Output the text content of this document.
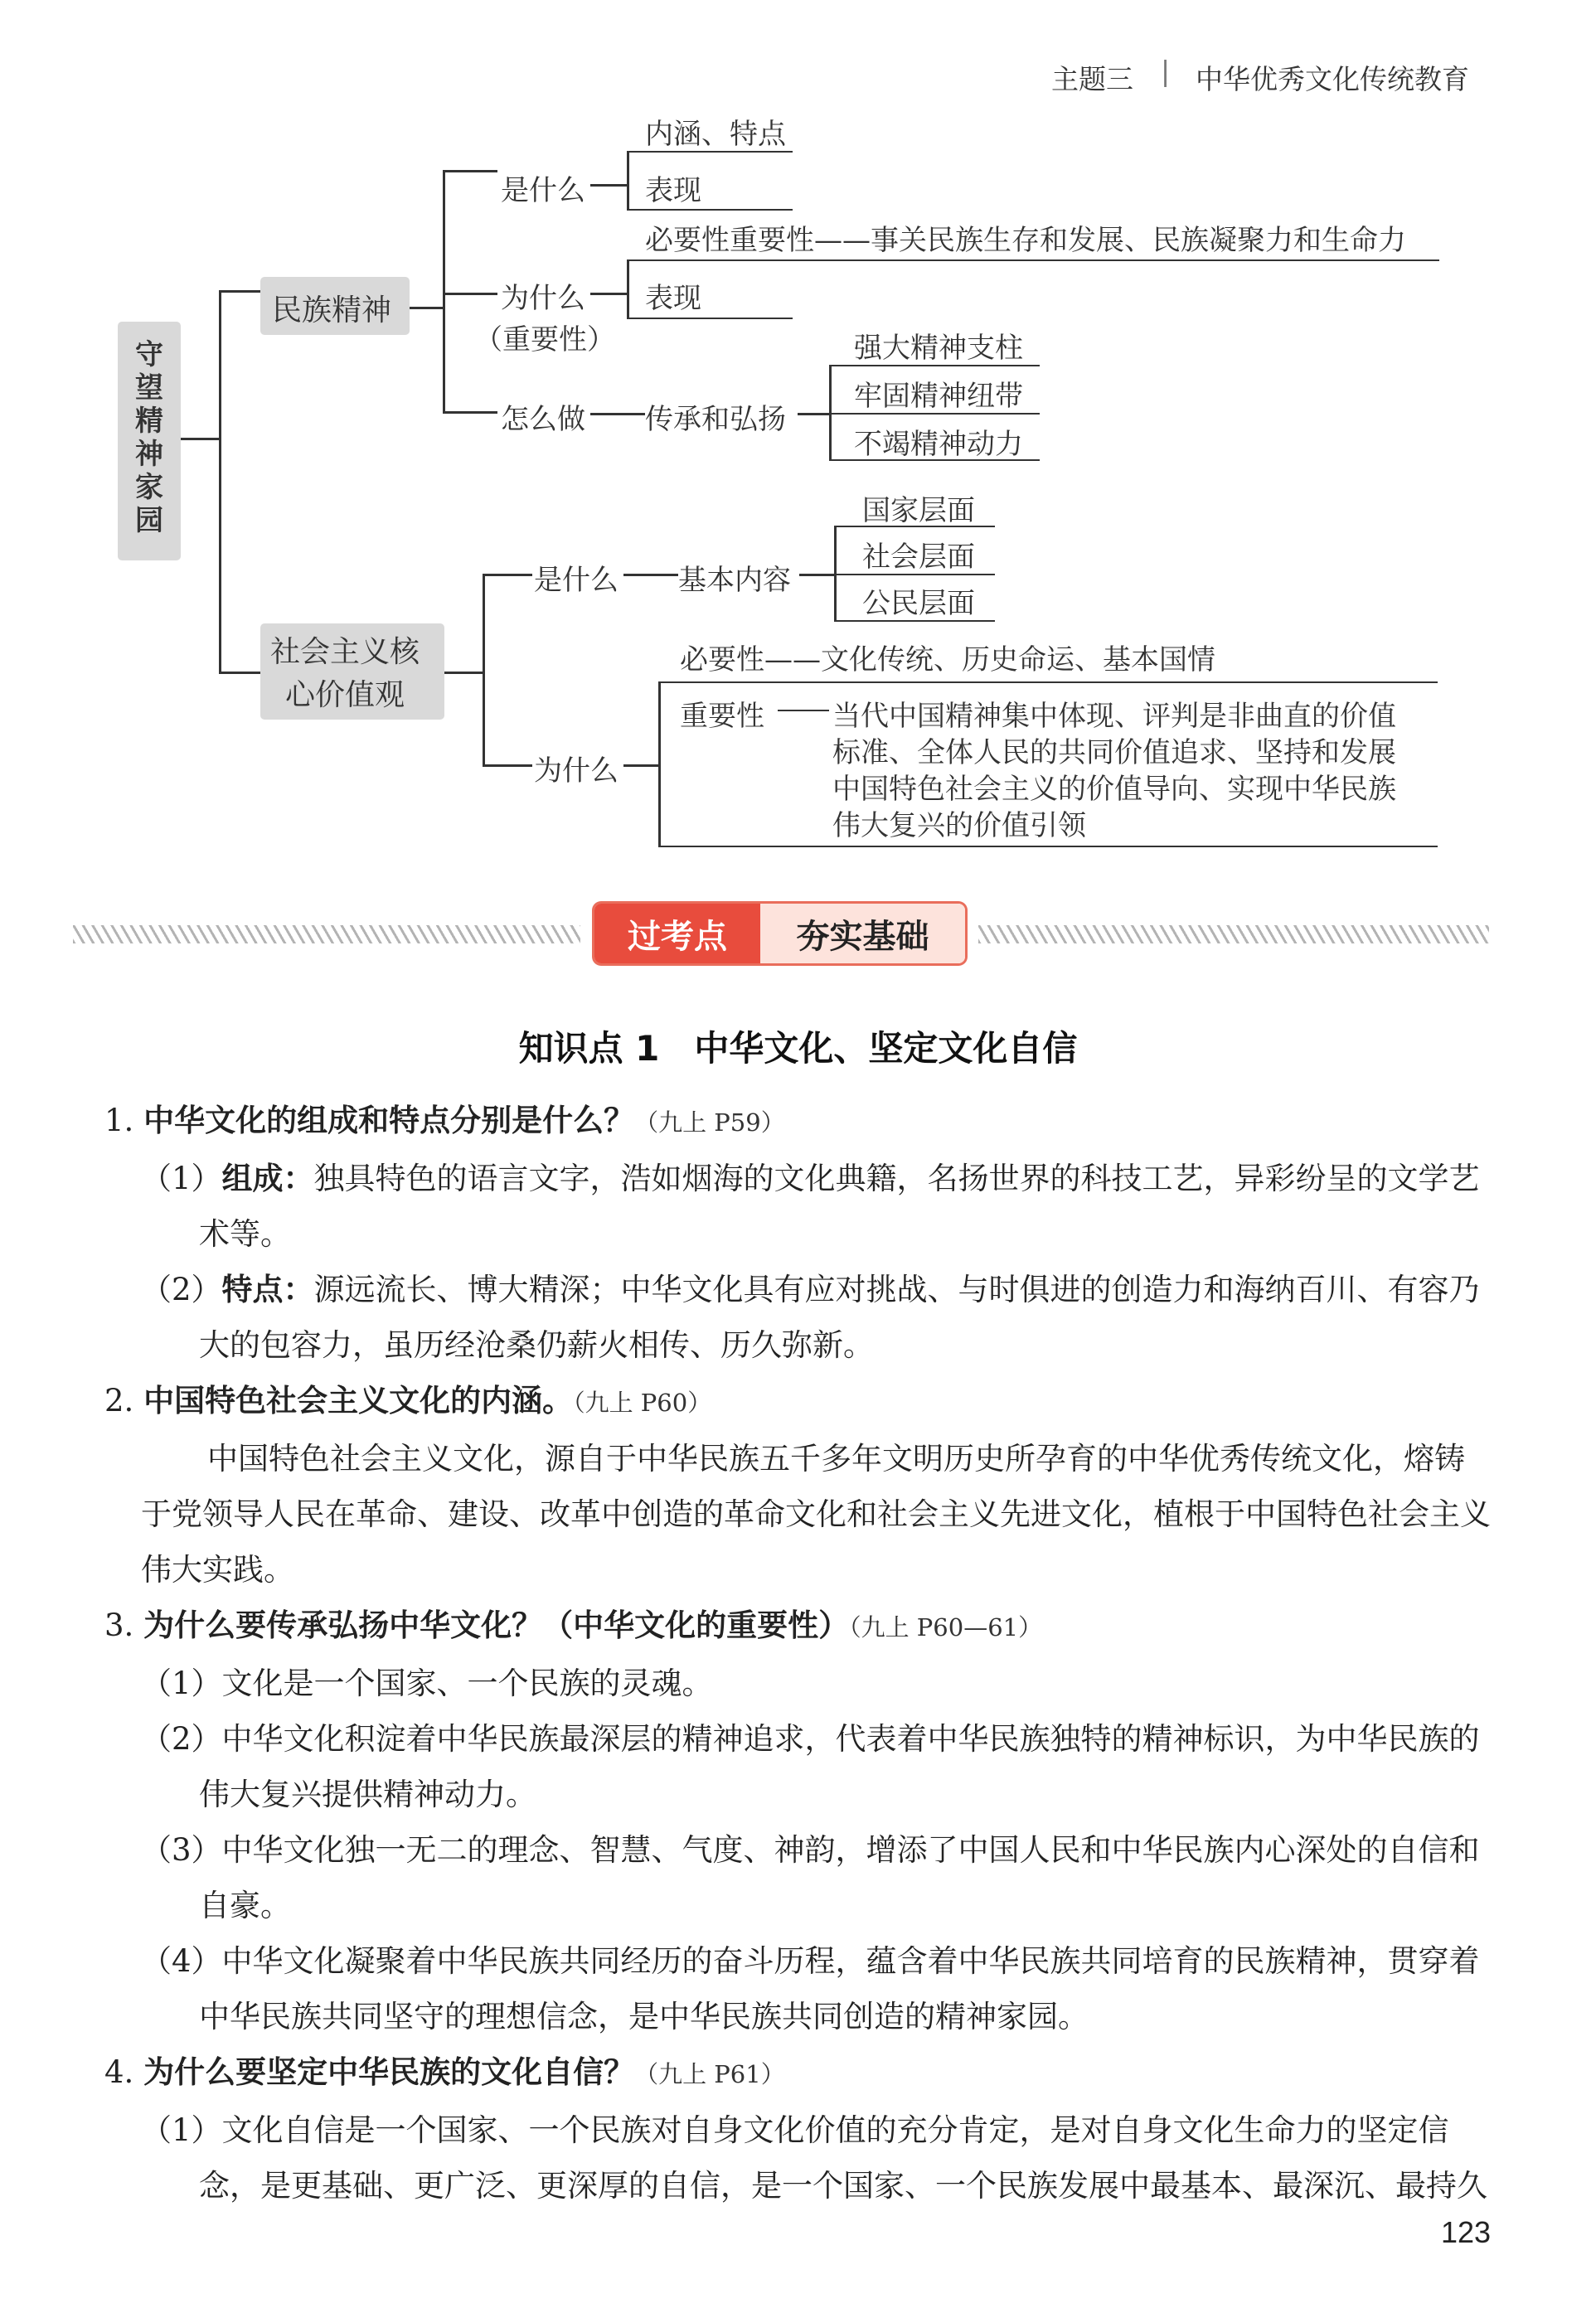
主题三 | 中华优秀文化传统教育
守望精神家园
民族精神
是什么
内涵、特点
表现
为什么
（重要性）
必要性重要性——事关民族生存和发展、民族凝聚力和生命力
表现
怎么做 传承和弘扬
强大精神支柱
牢固精神纽带
不竭精神动力
社会主义核
心价值观
是什么 基本内容
国家层面
社会层面
公民层面
为什么
必要性——文化传统、历史命运、基本国情
重要性 当代中国精神集中体现、评判是非曲直的价值
标准、全体人民的共同价值追求、坚持和发展
中国特色社会主义的价值导向、实现中华民族
伟大复兴的价值引领
过考点	夯实基础
知识点 1　中华文化、坚定文化自信

1. 中华文化的组成和特点分别是什么？（九上 P59）

（1）组成：独具特色的语言文字，浩如烟海的文化典籍，名扬世界的科技工艺，异彩纷呈的文学艺术等。

（2）特点：源远流长、博大精深；中华文化具有应对挑战、与时俱进的创造力和海纳百川、有容乃大的包容力，虽历经沧桑仍薪火相传、历久弥新。

2. 中国特色社会主义文化的内涵。（九上 P60）

中国特色社会主义文化，源自于中华民族五千多年文明历史所孕育的中华优秀传统文化，熔铸于党领导人民在革命、建设、改革中创造的革命文化和社会主义先进文化，植根于中国特色社会主义伟大实践。

3. 为什么要传承弘扬中华文化？（中华文化的重要性）（九上 P60—61）

（1）文化是一个国家、一个民族的灵魂。

（2）中华文化积淀着中华民族最深层的精神追求，代表着中华民族独特的精神标识，为中华民族的伟大复兴提供精神动力。

（3）中华文化独一无二的理念、智慧、气度、神韵，增添了中国人民和中华民族内心深处的自信和自豪。

（4）中华文化凝聚着中华民族共同经历的奋斗历程，蕴含着中华民族共同培育的民族精神，贯穿着中华民族共同坚守的理想信念，是中华民族共同创造的精神家园。

4. 为什么要坚定中华民族的文化自信？（九上 P61）

（1）文化自信是一个国家、一个民族对自身文化价值的充分肯定，是对自身文化生命力的坚定信念，是更基础、更广泛、更深厚的自信，是一个国家、一个民族发展中最基本、最深沉、最持久

123
